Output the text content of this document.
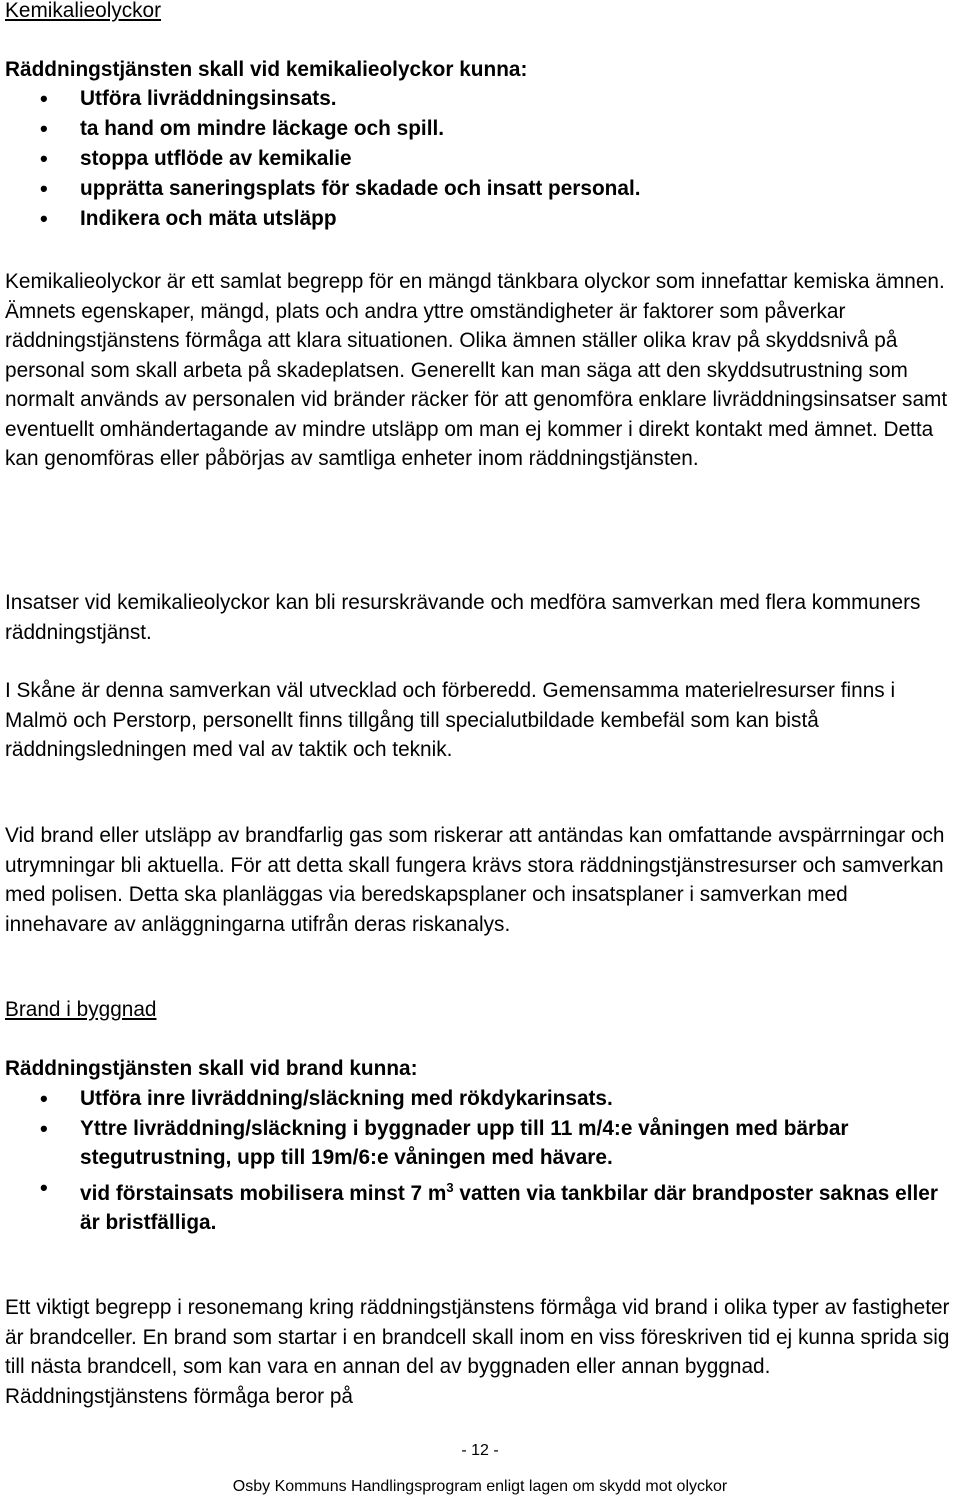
Kemikalieolyckor

Räddningstjänsten skall vid kemikalieolyckor kunna:

• Utföra livräddningsinsats.
• ta hand om mindre läckage och spill.
• stoppa utflöde av kemikalie
• upprätta saneringsplats för skadade och insatt personal.
• Indikera och mäta utsläpp

Kemikalieolyckor är ett samlat begrepp för en mängd tänkbara olyckor som innefattar kemiska ämnen. Ämnets egenskaper, mängd, plats och andra yttre omständigheter är faktorer som påverkar räddningstjänstens förmåga att klara situationen. Olika ämnen ställer olika krav på skyddsnivå på personal som skall arbeta på skadeplatsen. Generellt kan man säga att den skyddsutrustning som normalt används av personalen vid bränder räcker för att genomföra enklare livräddningsinsatser samt eventuellt omhändertagande av mindre utsläpp om man ej kommer i direkt kontakt med ämnet. Detta kan genomföras eller påbörjas av samtliga enheter inom räddningstjänsten.

Insatser vid kemikalieolyckor kan bli resurskrävande och medföra samverkan med flera kommuners räddningstjänst.

I Skåne är denna samverkan väl utvecklad och förberedd. Gemensamma materielresurser finns i Malmö och Perstorp, personellt finns tillgång till specialutbildade kembefäl som kan bistå räddningsledningen med val av taktik och teknik.

Vid brand eller utsläpp av brandfarlig gas som riskerar att antändas kan omfattande avspärrningar och utrymningar bli aktuella. För att detta skall fungera krävs stora räddningstjänstresurser och samverkan med polisen. Detta ska planläggas via beredskapsplaner och insatsplaner i samverkan med innehavare av anläggningarna utifrån deras riskanalys.

Brand i byggnad

Räddningstjänsten skall vid brand kunna:

• Utföra inre livräddning/släckning med rökdykarinsats.
• Yttre livräddning/släckning i byggnader upp till 11 m/4:e våningen med bärbar stegutrustning, upp till 19m/6:e våningen med hävare.
• vid förstainsats mobilisera minst 7 $m^3$ vatten via tankbilar där brandposter saknas eller är bristfälliga.

Ett viktigt begrepp i resonemang kring räddningstjänstens förmåga vid brand i olika typer av fastigheter är brandceller. En brand som startar i en brandcell skall inom en viss föreskriven tid ej kunna sprida sig till nästa brandcell, som kan vara en annan del av byggnaden eller annan byggnad. Räddningstjänstens förmåga beror på

- 12 -
Osby Kommuns Handlingsprogram enligt lagen om skydd mot olyckor
